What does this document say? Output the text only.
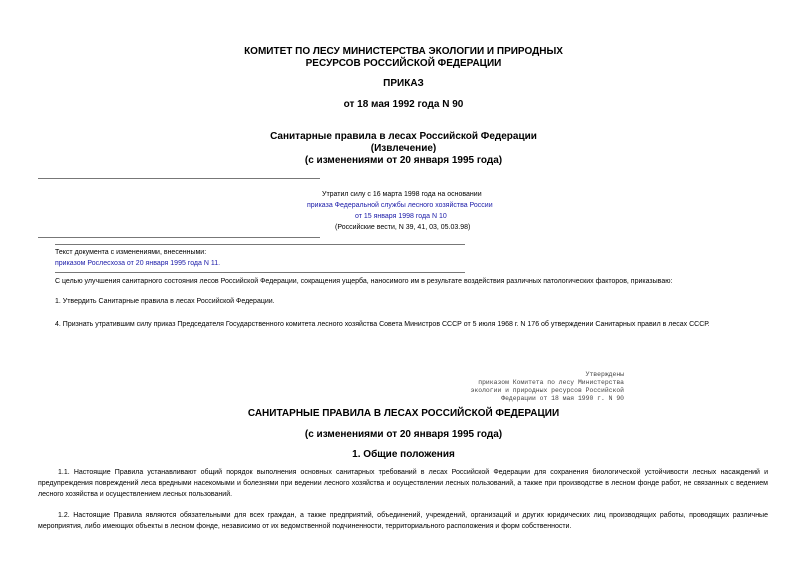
КОМИТЕТ ПО ЛЕСУ МИНИСТЕРСТВА ЭКОЛОГИИ И ПРИРОДНЫХ
РЕСУРСОВ РОССИЙСКОЙ ФЕДЕРАЦИИ
ПРИКАЗ
от 18 мая 1992 года N 90
Санитарные правила в лесах Российской Федерации
(Извлечение)
(с изменениями от 20 января 1995 года)
Утратил силу с 16 марта 1998 года на основании
приказа Федеральной службы лесного хозяйства России
от 15 января 1998 года N 10
(Российские вести, N 39, 41, 03, 05.03.98)
Текст документа с изменениями, внесенными:
приказом Рослесхоза от 20 января 1995 года N 11.
С целью улучшения санитарного состояния лесов Российской Федерации, сокращения ущерба, наносимого им в результате воздействия различных патологических факторов, приказываю:
1. Утвердить Санитарные правила в лесах Российской Федерации.
4. Признать утратившим силу приказ Председателя Государственного комитета лесного хозяйства Совета Министров СССР от 5 июля 1968 г. N 176 об утверждении Санитарных правил в лесах СССР.
Утверждены
приказом Комитета по лесу Министерства
экологии и природных ресурсов Российской
Федерации от 18 мая 1990 г. N 90
САНИТАРНЫЕ ПРАВИЛА В ЛЕСАХ РОССИЙСКОЙ ФЕДЕРАЦИИ
(с изменениями от 20 января 1995 года)
1. Общие положения
1.1. Настоящие Правила устанавливают общий порядок выполнения основных санитарных требований в лесах Российской Федерации для сохранения биологической устойчивости лесных насаждений и предупреждения повреждений леса вредными насекомыми и болезнями при ведении лесного хозяйства и осуществлении лесных пользований, а также при производстве в лесном фонде работ, не связанных с ведением лесного хозяйства и осуществлением лесных пользований.
1.2. Настоящие Правила являются обязательными для всех граждан, а также предприятий, объединений, учреждений, организаций и других юридических лиц производящих работы, проводящих различные мероприятия, либо имеющих объекты в лесном фонде, независимо от их ведомственной подчиненности, территориального расположения и форм собственности.
